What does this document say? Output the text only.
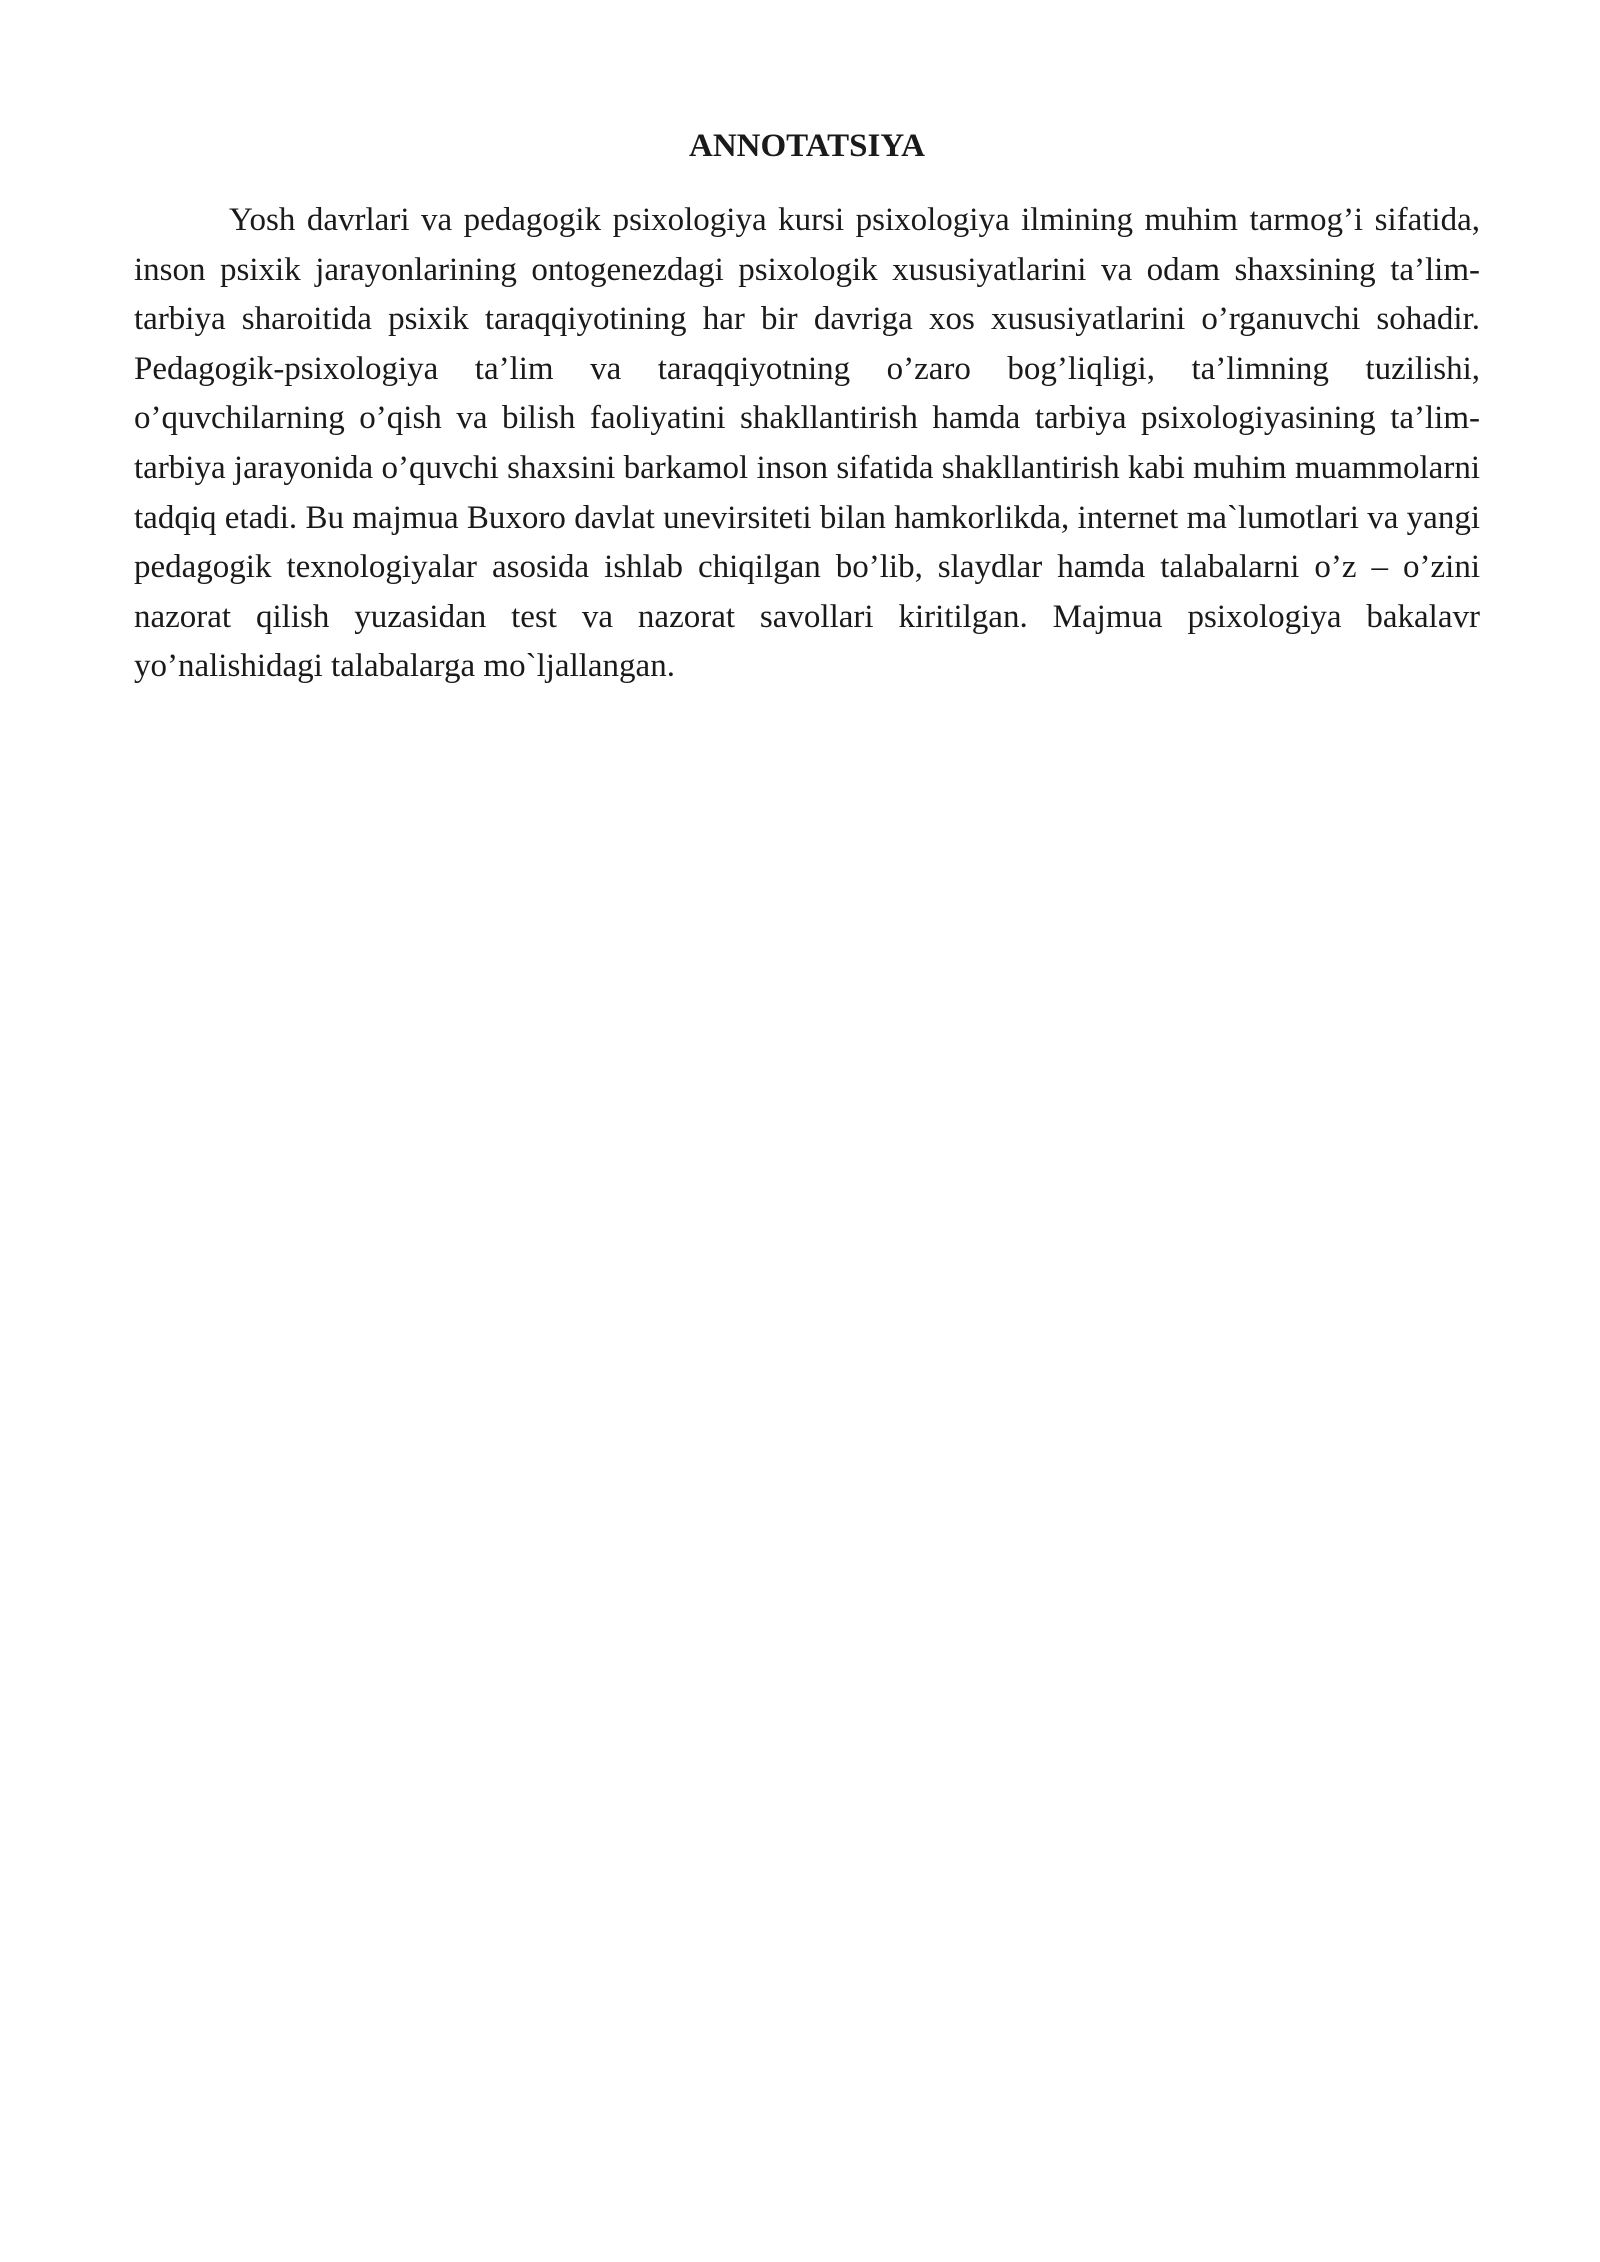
ANNOTATSIYA

Yosh davrlari va pedagogik psixologiya kursi psixologiya ilmining muhim tarmog’i sifatida, inson psixik jarayonlarining ontogenezdagi psixologik xususiyatlarini va odam shaxsining ta’lim-tarbiya sharoitida psixik taraqqiyotining har bir davriga xos xususiyatlarini o’rganuvchi sohadir. Pedagogik-psixologiya ta’lim va taraqqiyotning o’zaro bog’liqligi, ta’limning tuzilishi, o’quvchilarning o’qish va bilish faoliyatini shakllantirish hamda tarbiya psixologiyasining ta’lim-tarbiya jarayonida o’quvchi shaxsini barkamol inson sifatida shakllantirish kabi muhim muammolarni tadqiq etadi. Bu majmua Buxoro davlat unevirsiteti bilan hamkorlikda, internet ma`lumotlari va yangi pedagogik texnologiyalar asosida ishlab chiqilgan bo’lib, slaydlar hamda talabalarni o’z – o’zini nazorat qilish yuzasidan test va nazorat savollari kiritilgan. Majmua psixologiya bakalavr yo’nalishidagi talabalarga mo`ljallangan.
